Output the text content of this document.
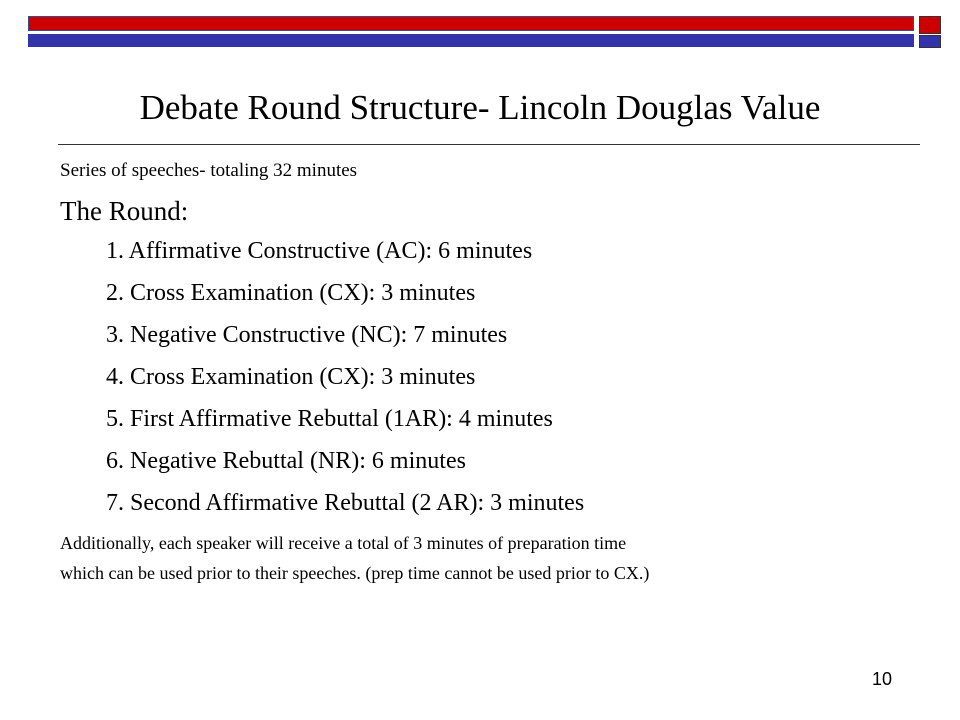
Debate Round Structure- Lincoln Douglas Value

Series of speeches- totaling 32 minutes

The Round:

1. Affirmative Constructive (AC): 6 minutes
2. Cross Examination (CX): 3 minutes
3. Negative Constructive (NC): 7 minutes
4. Cross Examination (CX): 3 minutes
5. First Affirmative Rebuttal (1AR): 4 minutes
6. Negative Rebuttal (NR): 6 minutes
7. Second Affirmative Rebuttal (2 AR): 3 minutes

Additionally, each speaker will receive a total of 3 minutes of preparation time

which can be used prior to their speeches. (prep time cannot be used prior to CX.)

10
